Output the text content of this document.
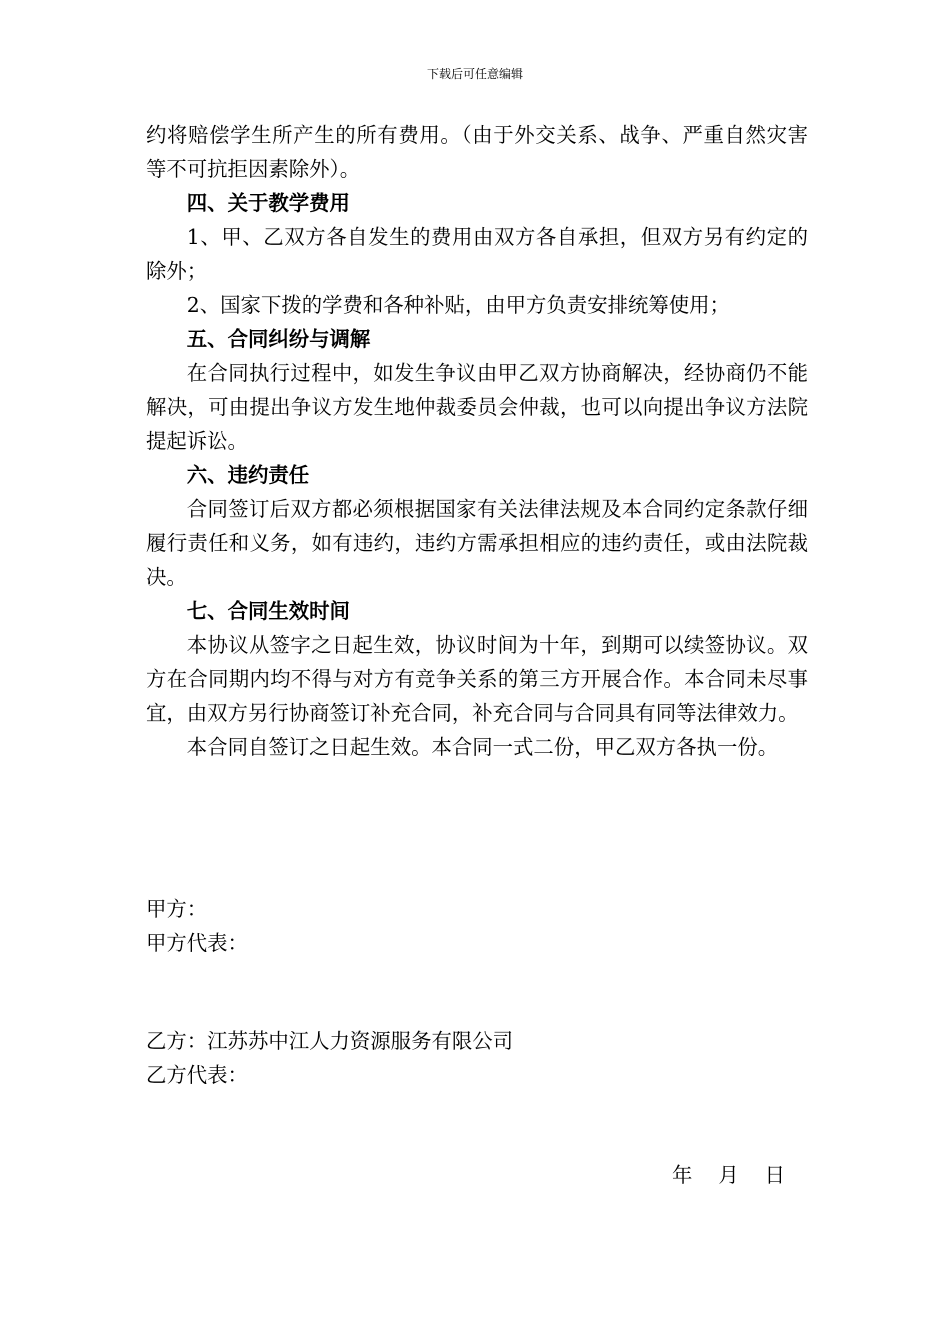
下载后可任意编辑

约将赔偿学生所产生的所有费用。（由于外交关系、战争、严重自然灾害等不可抗拒因素除外）。

四、关于教学费用

1、甲、乙双方各自发生的费用由双方各自承担，但双方另有约定的除外；

2、国家下拨的学费和各种补贴，由甲方负责安排统筹使用；

五、合同纠纷与调解

在合同执行过程中，如发生争议由甲乙双方协商解决，经协商仍不能解决，可由提出争议方发生地仲裁委员会仲裁，也可以向提出争议方法院提起诉讼。

六、违约责任

合同签订后双方都必须根据国家有关法律法规及本合同约定条款仔细履行责任和义务，如有违约，违约方需承担相应的违约责任，或由法院裁决。

七、合同生效时间

本协议从签字之日起生效，协议时间为十年，到期可以续签协议。双方在合同期内均不得与对方有竞争关系的第三方开展合作。本合同未尽事宜，由双方另行协商签订补充合同，补充合同与合同具有同等法律效力。

本合同自签订之日起生效。本合同一式二份，甲乙双方各执一份。

甲方：

甲方代表：

乙方：江苏苏中江人力资源服务有限公司

乙方代表：

年    月    日
